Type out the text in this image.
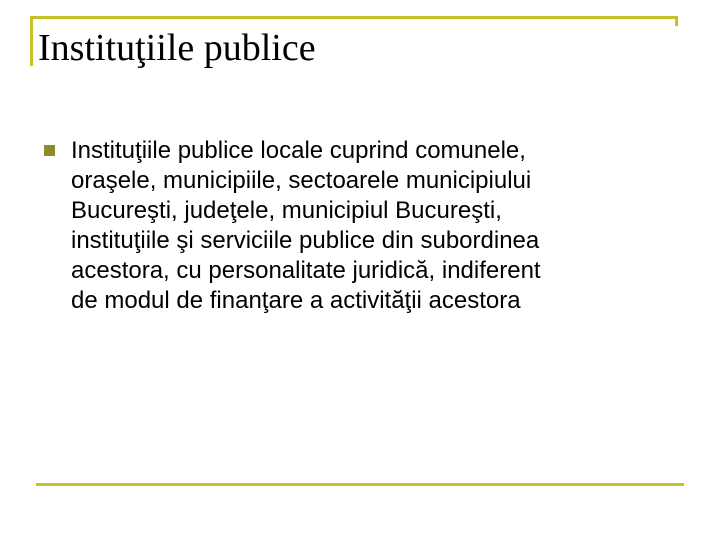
Instituţiile publice
Instituţiile publice locale cuprind comunele,
oraşele, municipiile, sectoarele municipiului
Bucureşti, judeţele, municipiul Bucureşti,
instituţiile şi serviciile publice din subordinea
acestora, cu personalitate juridică, indiferent
de modul de finanţare a activităţii acestora
